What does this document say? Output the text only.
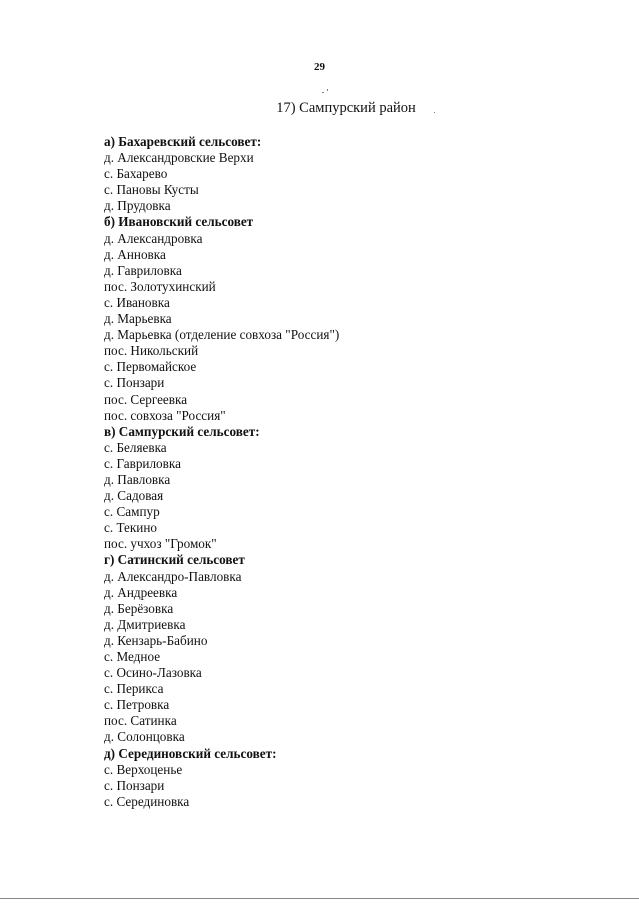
29
17) Сампурский район
а) Бахаревский сельсовет:
д. Александровские Верхи
с. Бахарево
с. Пановы Кусты
д. Прудовка
б) Ивановский сельсовет
д. Александровка
д. Анновка
д. Гавриловка
пос. Золотухинский
с. Ивановка
д. Марьевка
д. Марьевка (отделение совхоза "Россия")
пос. Никольский
с. Первомайское
с. Понзари
пос. Сергеевка
пос. совхоза "Россия"
в) Сампурский сельсовет:
с. Беляевка
с. Гавриловка
д. Павловка
д. Садовая
с. Сампур
с. Текино
пос. учхоз "Громок"
г) Сатинский сельсовет
д. Александро-Павловка
д. Андреевка
д. Берёзовка
д. Дмитриевка
д. Кензарь-Бабино
с. Медное
с. Осино-Лазовка
с. Перикса
с. Петровка
пос. Сатинка
д. Солонцовка
д) Серединовский сельсовет:
с. Верхоценье
с. Понзари
с. Серединовка
